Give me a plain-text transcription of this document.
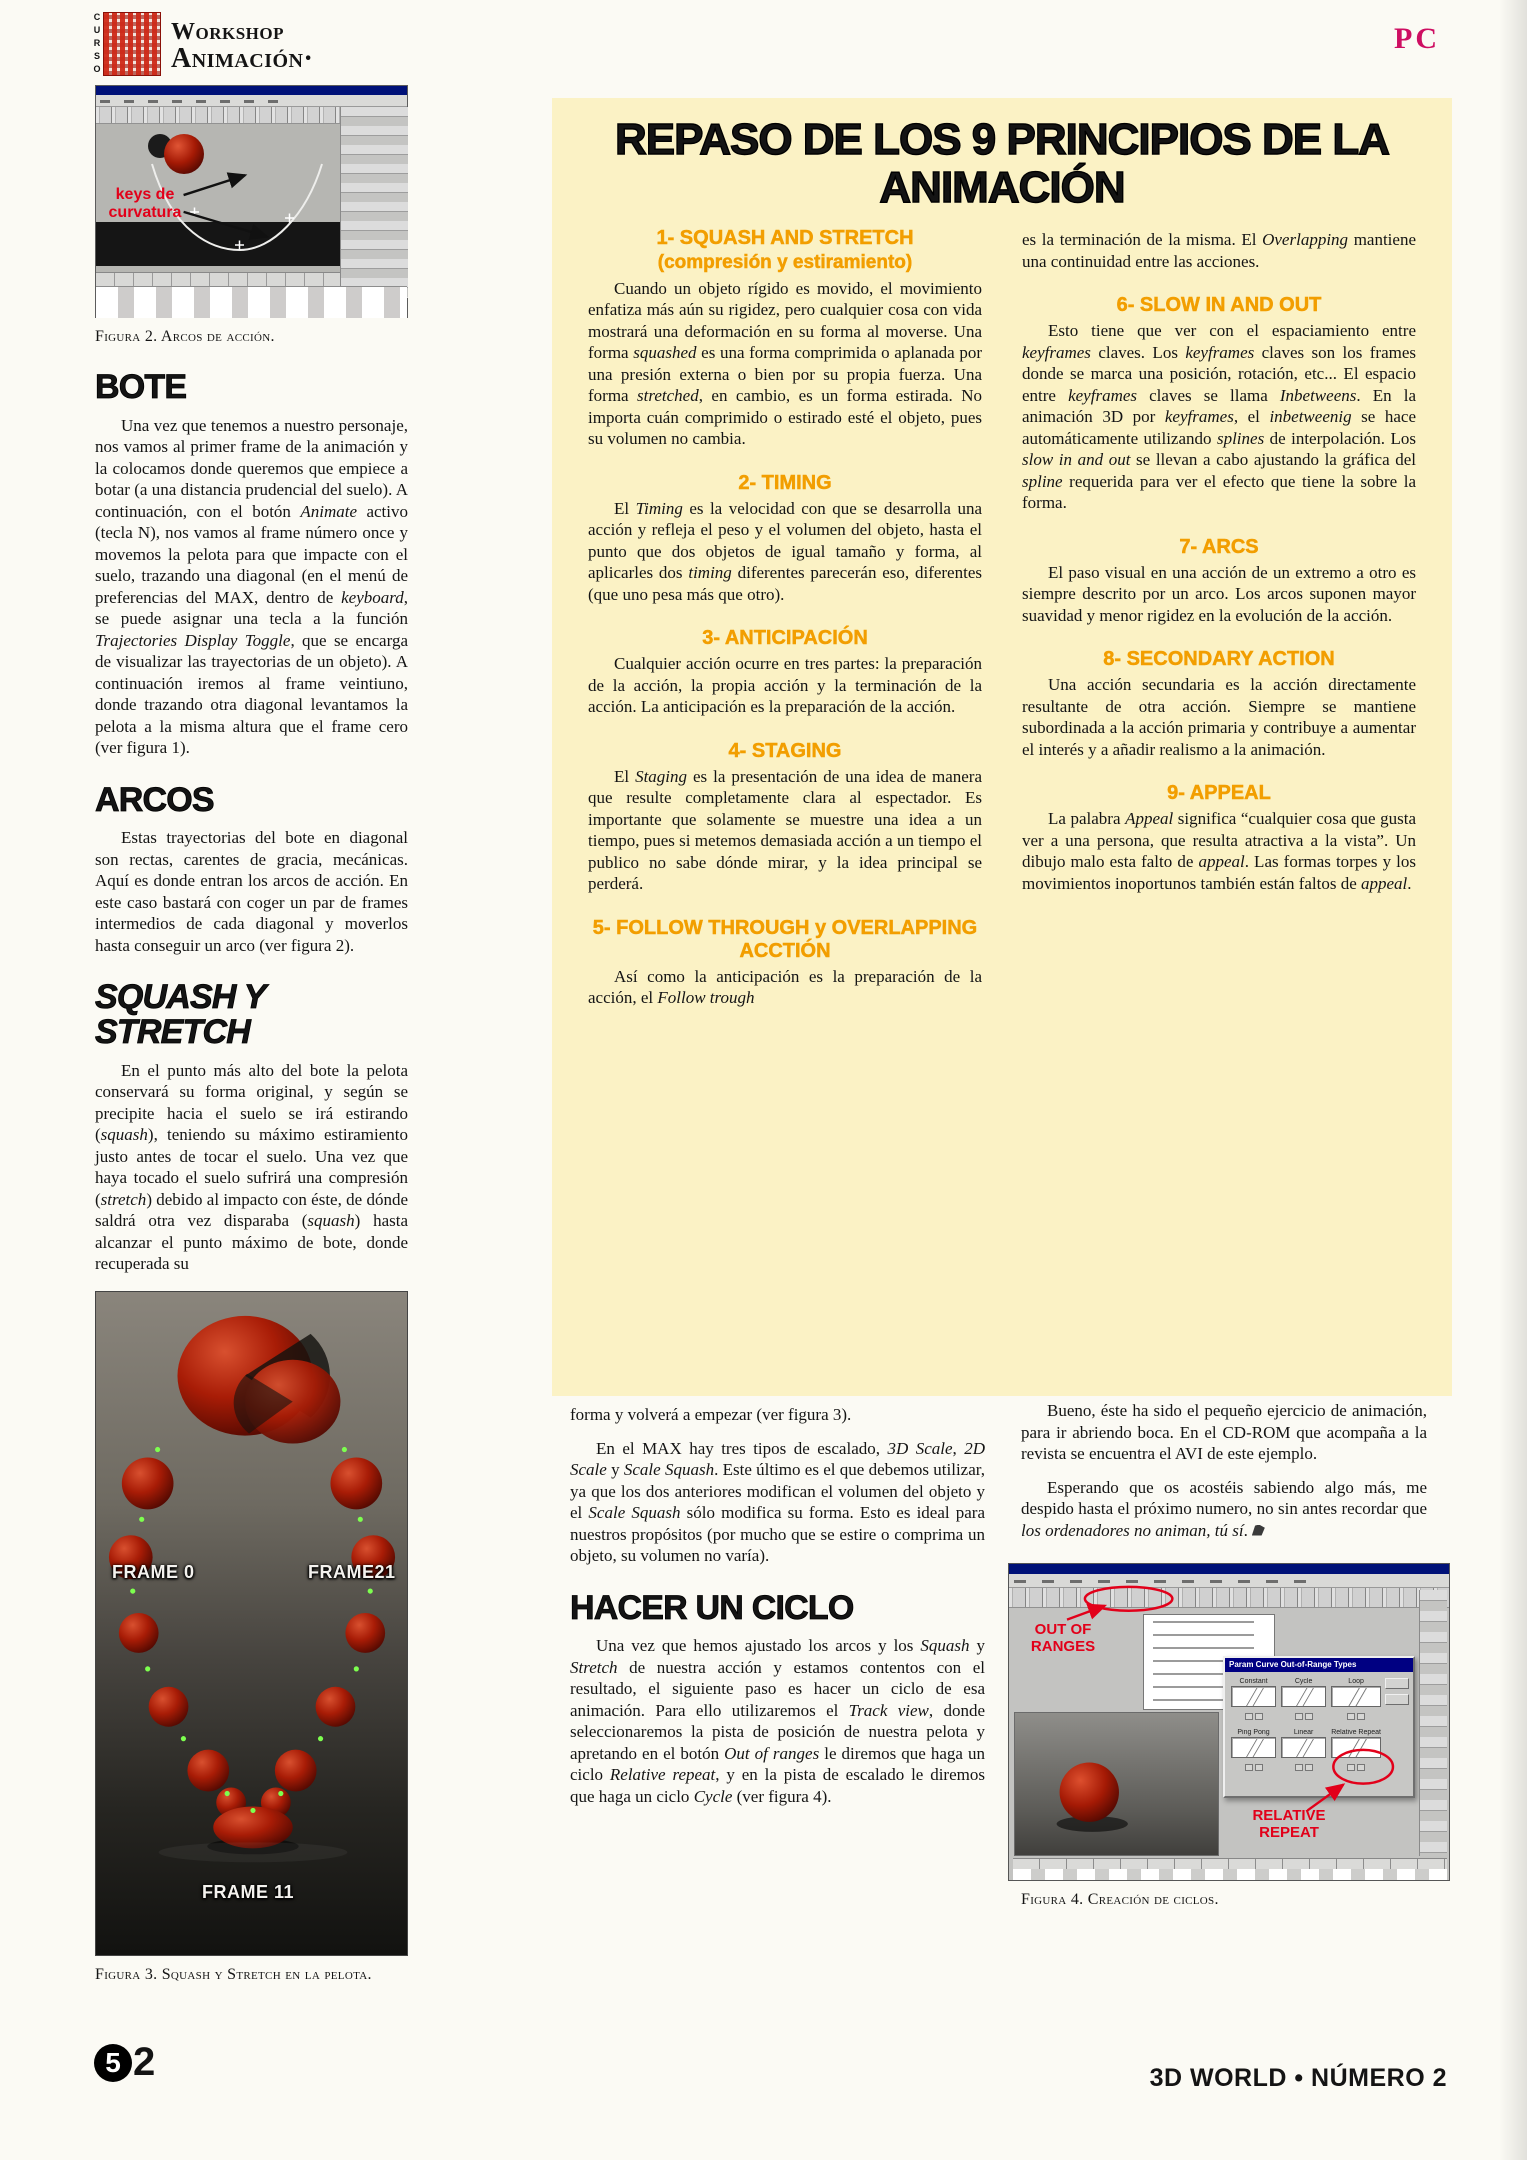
CURSO	Workshop
Animación·
PC
keys de curvatura
Figura 2. Arcos de acción.
BOTE

Una vez que tenemos a nuestro personaje, nos vamos al primer frame de la animación y la colocamos donde queremos que empiece a botar (a una distancia prudencial del suelo). A continuación, con el botón Animate activo (tecla N), nos vamos al frame número once y movemos la pelota para que impacte con el suelo, trazando una diagonal (en el menú de preferencias del MAX, dentro de keyboard, se puede asignar una tecla a la función Trajectories Display Toggle, que se encarga de visualizar las trayectorias de un objeto). A continuación iremos al frame veintiuno, donde trazando otra diagonal levantamos la pelota a la misma altura que el frame cero (ver figura 1).

ARCOS

Estas trayectorias del bote en diagonal son rectas, carentes de gracia, mecánicas. Aquí es donde entran los arcos de acción. En este caso bastará con coger un par de frames intermedios de cada diagonal y moverlos hasta conseguir un arco (ver figura 2).

SQUASH Y STRETCH

En el punto más alto del bote la pelota conservará su forma original, y según se precipite hacia el suelo se irá estirando (squash), teniendo su máximo estiramiento justo antes de tocar el suelo. Una vez que haya tocado el suelo sufrirá una compresión (stretch) debido al impacto con éste, de dónde saldrá otra vez disparaba (squash) hasta alcanzar el punto máximo de bote, donde recuperada su

FRAME 0	FRAME21
FRAME 11
Figura 3. Squash y Stretch en la pelota.
REPASO DE LOS 9 PRINCIPIOS DE LA ANIMACIÓN
1- SQUASH AND STRETCH
(compresión y estiramiento)

Cuando un objeto rígido es movido, el movimiento enfatiza más aún su rigidez, pero cualquier cosa con vida mostrará una deformación en su forma al moverse. Una forma squashed es una forma comprimida o aplanada por una presión externa o bien por su propia fuerza. Una forma stretched, en cambio, es un forma estirada. No importa cuán comprimido o estirado esté el objeto, pues su volumen no cambia.

2- TIMING

El Timing es la velocidad con que se desarrolla una acción y refleja el peso y el volumen del objeto, hasta el punto que dos objetos de igual tamaño y forma, al aplicarles dos timing diferentes parecerán eso, diferentes (que uno pesa más que otro).

3- ANTICIPACIÓN

Cualquier acción ocurre en tres partes: la preparación de la acción, la propia acción y la terminación de la acción. La anticipación es la preparación de la acción.

4- STAGING

El Staging es la presentación de una idea de manera que resulte completamente clara al espectador. Es importante que solamente se muestre una idea a un tiempo, pues si metemos demasiada acción a un tiempo el publico no sabe dónde mirar, y la idea principal se perderá.

5- FOLLOW THROUGH y OVERLAPPING ACCTIÓN

Así como la anticipación es la preparación de la acción, el Follow trough

es la terminación de la misma. El Overlapping mantiene una continuidad entre las acciones.

6- SLOW IN AND OUT

Esto tiene que ver con el espaciamiento entre keyframes claves. Los keyframes claves son los frames donde se marca una posición, rotación, etc... El espacio entre keyframes claves se llama Inbetweens. En la animación 3D por keyframes, el inbetweenig se hace automáticamente utilizando splines de interpolación. Los slow in and out se llevan a cabo ajustando la gráfica del spline requerida para ver el efecto que tiene la sobre la forma.

7- ARCS

El paso visual en una acción de un extremo a otro es siempre descrito por un arco. Los arcos suponen mayor suavidad y menor rigidez en la evolución de la acción.

8- SECONDARY ACTION

Una acción secundaria es la acción directamente resultante de otra acción. Siempre se mantiene subordinada a la acción primaria y contribuye a aumentar el interés y a añadir realismo a la animación.

9- APPEAL

La palabra Appeal significa “cualquier cosa que gusta ver a una persona, que resulta atractiva a la vista”. Un dibujo malo esta falto de appeal. Las formas torpes y los movimientos inoportunos también están faltos de appeal.

forma y volverá a empezar (ver figura 3).

En el MAX hay tres tipos de escalado, 3D Scale, 2D Scale y Scale Squash. Este último es el que debemos utilizar, ya que los dos anteriores modifican el volumen del objeto y el Scale Squash sólo modifica su forma. Esto es ideal para nuestros propósitos (por mucho que se estire o comprima un objeto, su volumen no varía).

HACER UN CICLO

Una vez que hemos ajustado los arcos y los Squash y Stretch de nuestra acción y estamos contentos con el resultado, el siguiente paso es hacer un ciclo de esa animación. Para ello utilizaremos el Track view, donde seleccionaremos la pista de posición de nuestra pelota y apretando en el botón Out of ranges le diremos que haga un ciclo Relative repeat, y en la pista de escalado le diremos que haga un ciclo Cycle (ver figura 4).

Bueno, éste ha sido el pequeño ejercicio de animación, para ir abriendo boca. En el CD-ROM que acompaña a la revista se encuentra el AVI de este ejemplo.

Esperando que os acostéis sabiendo algo más, me despido hasta el próximo numero, no sin antes recordar que los ordenadores no animan, tú sí.

Param Curve Out-of-Range Types
Constant	Cycle	Loop
Ping Pong	Linear	Relative Repeat
OUT OF RANGES
RELATIVE REPEAT
Figura 4. Creación de ciclos.
5 2	3D WORLD • NÚMERO 2
